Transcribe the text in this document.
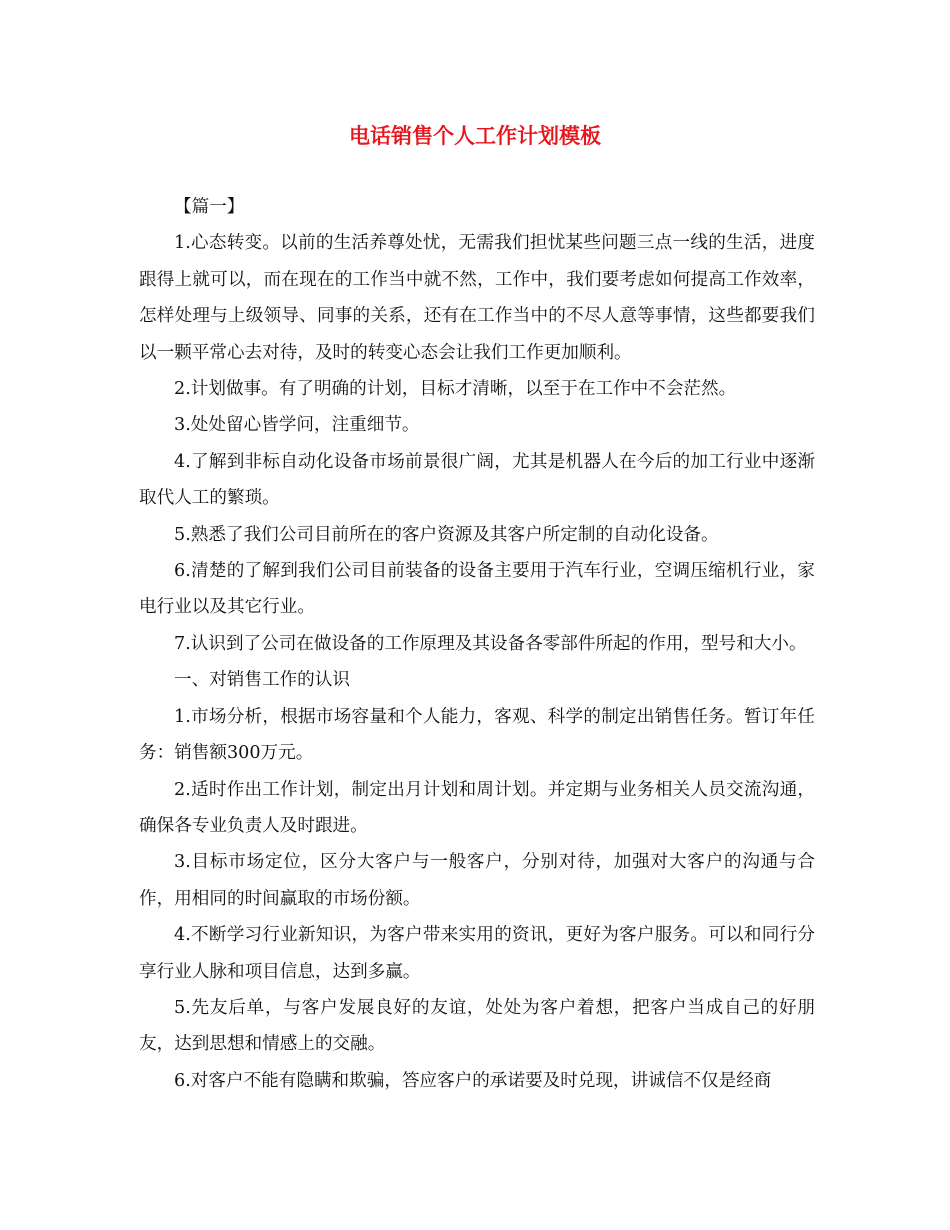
电话销售个人工作计划模板

【篇一】

1.心态转变。以前的生活养尊处忧，无需我们担忧某些问题三点一线的生活，进度跟得上就可以，而在现在的工作当中就不然，工作中，我们要考虑如何提高工作效率，怎样处理与上级领导、同事的关系，还有在工作当中的不尽人意等事情，这些都要我们以一颗平常心去对待，及时的转变心态会让我们工作更加顺利。

2.计划做事。有了明确的计划，目标才清晰，以至于在工作中不会茫然。

3.处处留心皆学问，注重细节。

4.了解到非标自动化设备市场前景很广阔，尤其是机器人在今后的加工行业中逐渐取代人工的繁琐。

5.熟悉了我们公司目前所在的客户资源及其客户所定制的自动化设备。

6.清楚的了解到我们公司目前装备的设备主要用于汽车行业，空调压缩机行业，家电行业以及其它行业。

7.认识到了公司在做设备的工作原理及其设备各零部件所起的作用，型号和大小。

一、对销售工作的认识

1.市场分析，根据市场容量和个人能力，客观、科学的制定出销售任务。暂订年任务：销售额300万元。

2.适时作出工作计划，制定出月计划和周计划。并定期与业务相关人员交流沟通，确保各专业负责人及时跟进。

3.目标市场定位，区分大客户与一般客户，分别对待，加强对大客户的沟通与合作，用相同的时间赢取的市场份额。

4.不断学习行业新知识，为客户带来实用的资讯，更好为客户服务。可以和同行分享行业人脉和项目信息，达到多赢。

5.先友后单，与客户发展良好的友谊，处处为客户着想，把客户当成自己的好朋友，达到思想和情感上的交融。

6.对客户不能有隐瞒和欺骗，答应客户的承诺要及时兑现，讲诚信不仅是经商
